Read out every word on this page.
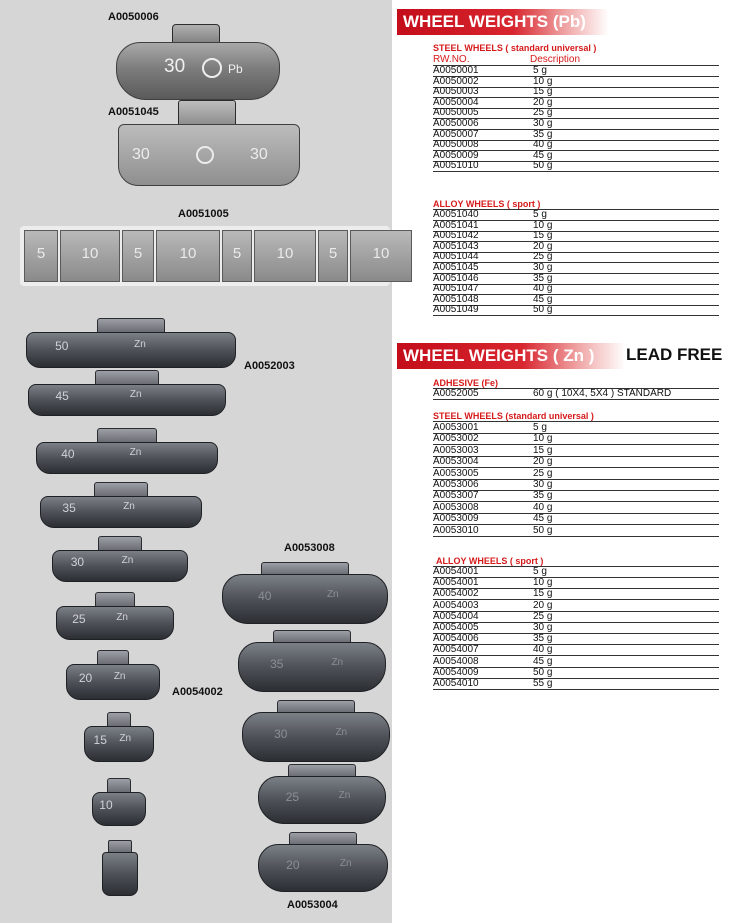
A0050006
30	Pb
A0051045
30	30
A0051005
5	10	5	10	5	10	5	10
50	Zn
45	Zn
40	Zn
35	Zn
30	Zn
25	Zn
20 Zn
15 Zn
10
A0052003
A0054002
A0053008
40	Zn
35	Zn
30	Zn
25	Zn
20	Zn
A0053004
WHEEL WEIGHTS (Pb)
STEEL WHEELS ( standard universal )
RW.NO.	Description
A0050001	5 g
A0050002	10 g
A0050003	15 g
A0050004	20 g
A0050005	25 g
A0050006	30 g
A0050007	35 g
A0050008	40 g
A0050009	45 g
A0051010	50 g
ALLOY WHEELS ( sport )
A0051040	5 g
A0051041	10 g
A0051042	15 g
A0051043	20 g
A0051044	25 g
A0051045	30 g
A0051046	35 g
A0051047	40 g
A0051048	45 g
A0051049	50 g
WHEEL WEIGHTS ( Zn )	LEAD FREE
ADHESIVE (Fe)
A0052005	60 g ( 10X4, 5X4 ) STANDARD
STEEL WHEELS (standard universal )
A0053001	5 g
A0053002	10 g
A0053003	15 g
A0053004	20 g
A0053005	25 g
A0053006	30 g
A0053007	35 g
A0053008	40 g
A0053009	45 g
A0053010	50 g
ALLOY WHEELS ( sport )
A0054001	5 g
A0054001	10 g
A0054002	15 g
A0054003	20 g
A0054004	25 g
A0054005	30 g
A0054006	35 g
A0054007	40 g
A0054008	45 g
A0054009	50 g
A0054010	55 g
